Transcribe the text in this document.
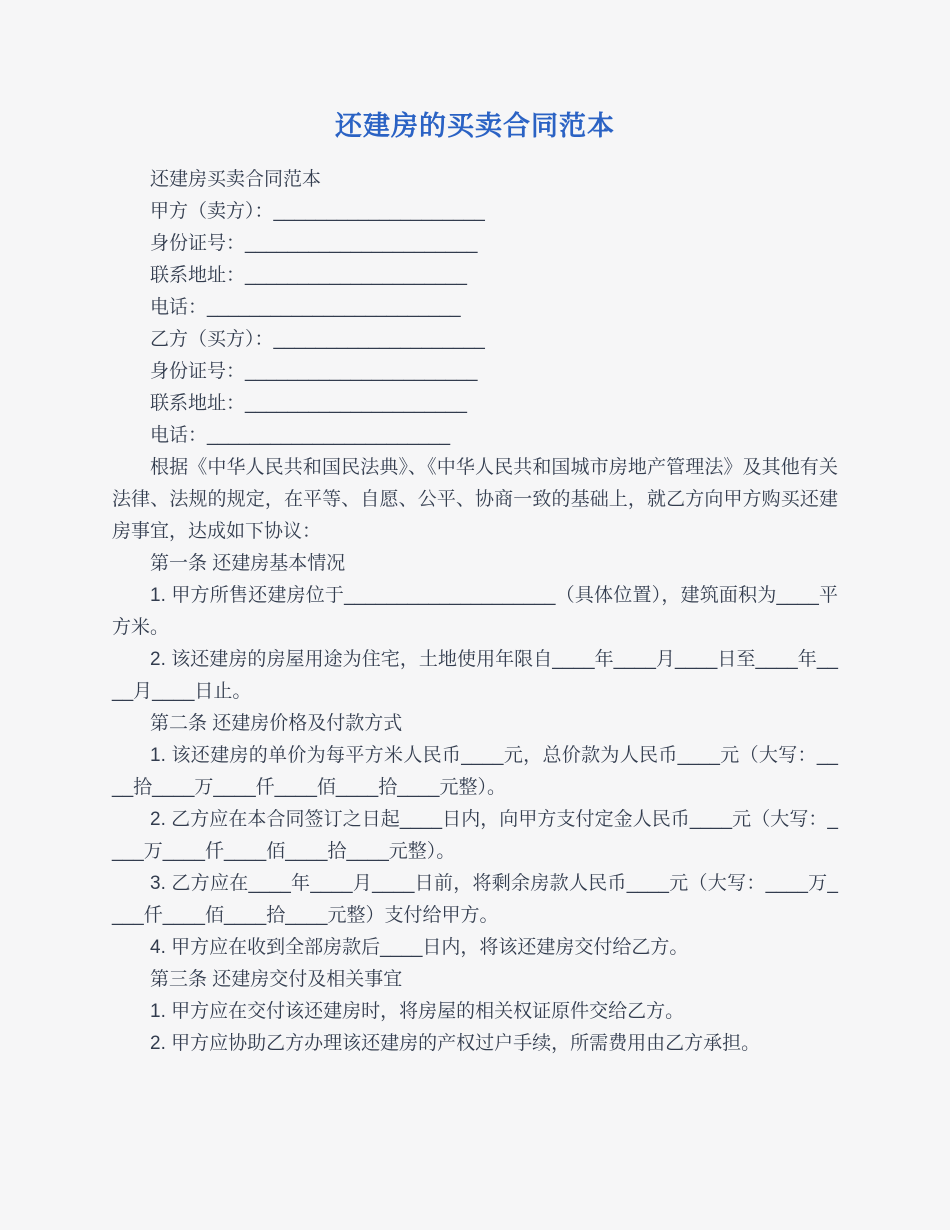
还建房的买卖合同范本

还建房买卖合同范本

甲方（卖方）：____________________

身份证号：______________________

联系地址：_____________________

电话：________________________

乙方（买方）：____________________

身份证号：______________________

联系地址：_____________________

电话：_______________________

根据《中华人民共和国民法典》、《中华人民共和国城市房地产管理法》及其他有关法律、法规的规定，在平等、自愿、公平、协商一致的基础上，就乙方向甲方购买还建房事宜，达成如下协议：

第一条 还建房基本情况

1. 甲方所售还建房位于____________________（具体位置），建筑面积为____平方米。

2. 该还建房的房屋用途为住宅，土地使用年限自____年____月____日至____年____月____日止。

第二条 还建房价格及付款方式

1. 该还建房的单价为每平方米人民币____元，总价款为人民币____元（大写：____拾____万____仟____佰____拾____元整）。

2. 乙方应在本合同签订之日起____日内，向甲方支付定金人民币____元（大写：____万____仟____佰____拾____元整）。

3. 乙方应在____年____月____日前，将剩余房款人民币____元（大写：____万____仟____佰____拾____元整）支付给甲方。

4. 甲方应在收到全部房款后____日内，将该还建房交付给乙方。

第三条 还建房交付及相关事宜

1. 甲方应在交付该还建房时，将房屋的相关权证原件交给乙方。

2. 甲方应协助乙方办理该还建房的产权过户手续，所需费用由乙方承担。
